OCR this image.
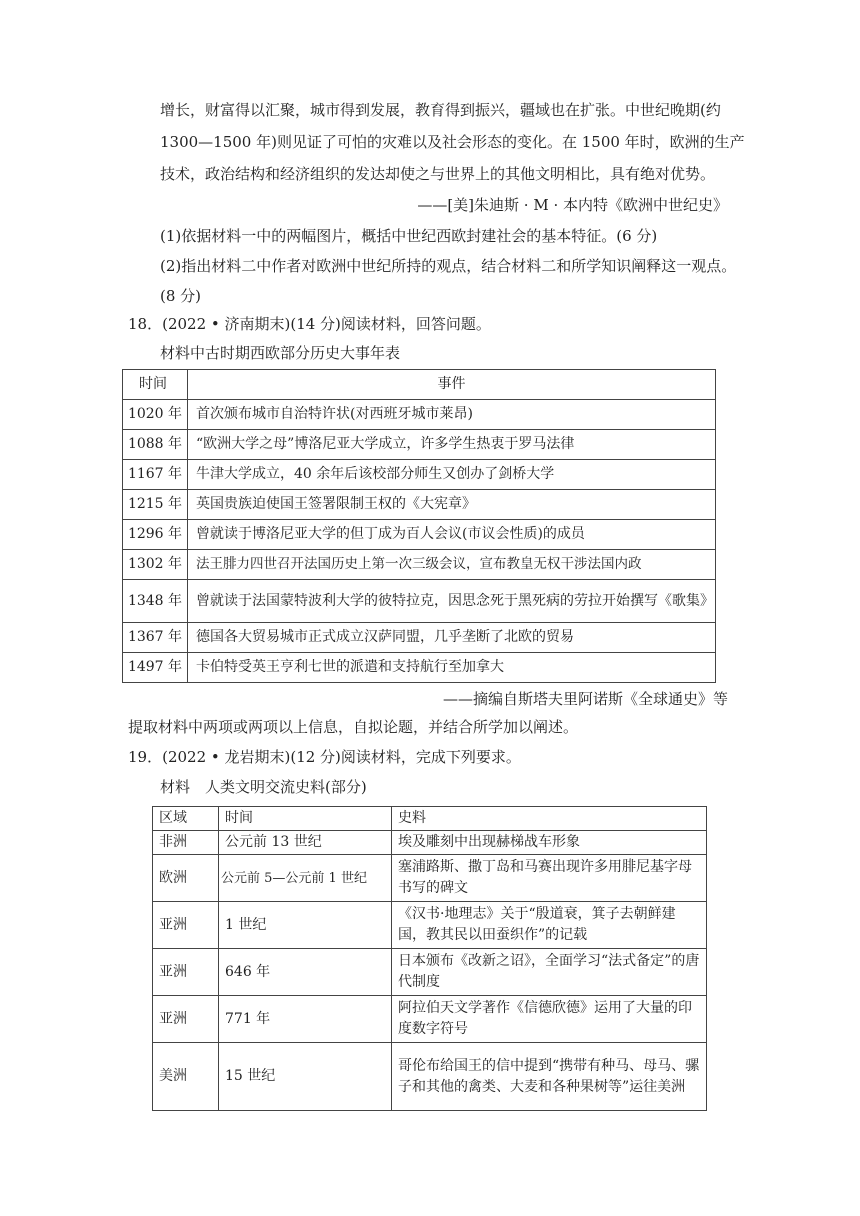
增长，财富得以汇聚，城市得到发展，教育得到振兴，疆域也在扩张。中世纪晚期(约
1300—1500 年)则见证了可怕的灾难以及社会形态的变化。在 1500 年时，欧洲的生产
技术，政治结构和经济组织的发达却使之与世界上的其他文明相比，具有绝对优势。
——[美]朱迪斯 · M · 本内特《欧洲中世纪史》
(1)依据材料一中的两幅图片，概括中世纪西欧封建社会的基本特征。(6 分)
(2)指出材料二中作者对欧洲中世纪所持的观点，结合材料二和所学知识阐释这一观点。
(8 分)
18．(2022 • 济南期末)(14 分)阅读材料，回答问题。
材料中古时期西欧部分历史大事年表
时间	事件
1020 年	首次颁布城市自治特许状(对西班牙城市莱昂)
1088 年	“欧洲大学之母”博洛尼亚大学成立，许多学生热衷于罗马法律
1167 年	牛津大学成立，40 余年后该校部分师生又创办了剑桥大学
1215 年	英国贵族迫使国王签署限制王权的《大宪章》
1296 年	曾就读于博洛尼亚大学的但丁成为百人会议(市议会性质)的成员
1302 年	法王腓力四世召开法国历史上第一次三级会议，宣布教皇无权干涉法国内政
1348 年	曾就读于法国蒙特波利大学的彼特拉克，因思念死于黑死病的劳拉开始撰写《歌集》
1367 年	德国各大贸易城市正式成立汉萨同盟，几乎垄断了北欧的贸易
1497 年	卡伯特受英王亨利七世的派遣和支持航行至加拿大
——摘编自斯塔夫里阿诺斯《全球通史》等
提取材料中两项或两项以上信息，自拟论题，并结合所学加以阐述。
19．(2022 • 龙岩期末)(12 分)阅读材料，完成下列要求。
材料　人类文明交流史料(部分)
区域	时间	史料
非洲	公元前 13 世纪	埃及雕刻中出现赫梯战车形象
欧洲	公元前 5—公元前 1 世纪	塞浦路斯、撒丁岛和马赛出现许多用腓尼基字母书写的碑文
亚洲	1 世纪	《汉书·地理志》关于“殷道衰，箕子去朝鲜建国，教其民以田蚕织作”的记载
亚洲	646 年	日本颁布《改新之诏》，全面学习“法式备定”的唐代制度
亚洲	771 年	阿拉伯天文学著作《信德欣德》运用了大量的印度数字符号
美洲	15 世纪	哥伦布给国王的信中提到“携带有种马、母马、骡子和其他的禽类、大麦和各种果树等”运往美洲
